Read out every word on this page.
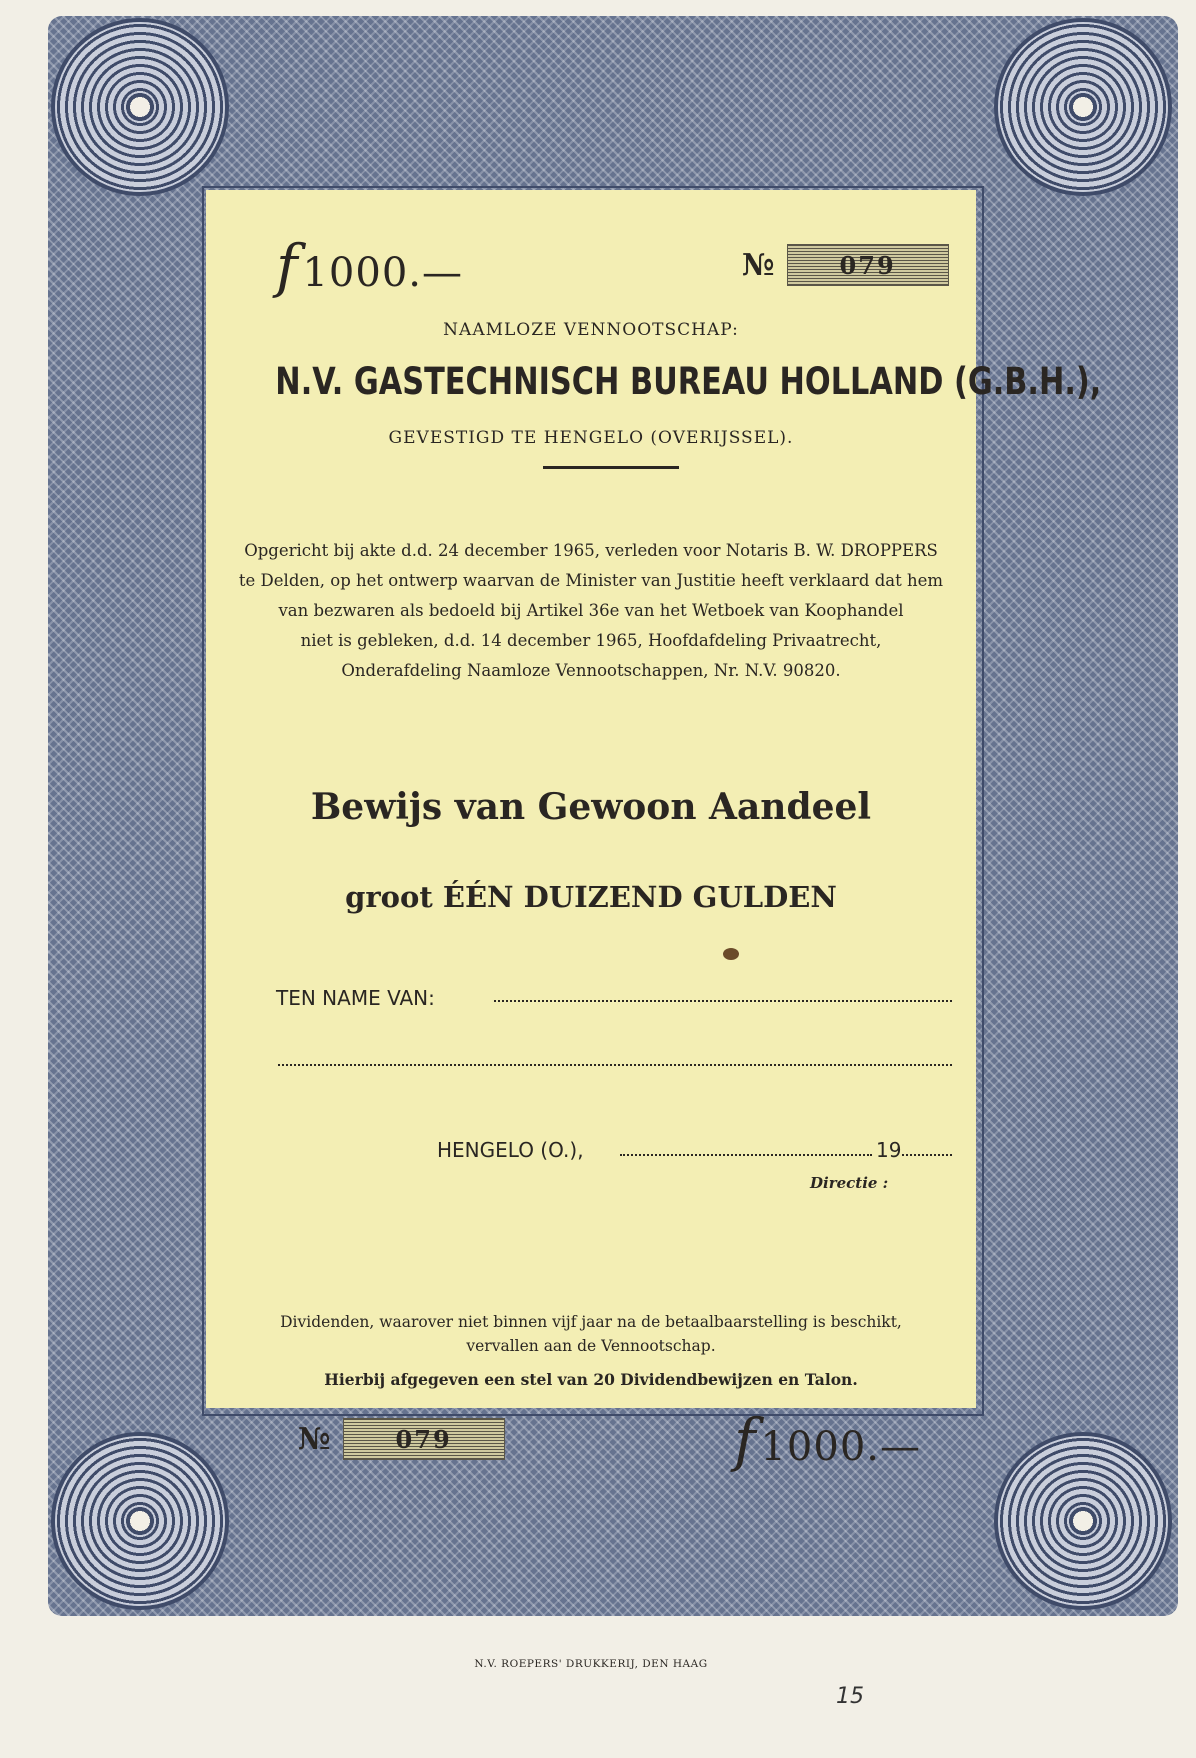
f 1000.—	№	079
NAAMLOZE VENNOOTSCHAP:
N.V. GASTECHNISCH BUREAU HOLLAND (G.B.H.),
GEVESTIGD TE HENGELO (OVERIJSSEL).
Opgericht bij akte d.d. 24 december 1965, verleden voor Notaris B. W. DROPPERS
te Delden, op het ontwerp waarvan de Minister van Justitie heeft verklaard dat hem
van bezwaren als bedoeld bij Artikel 36e van het Wetboek van Koophandel
niet is gebleken, d.d. 14 december 1965, Hoofdafdeling Privaatrecht,
Onderafdeling Naamloze Vennootschappen, Nr. N.V. 90820.
Bewijs van Gewoon Aandeel
groot ÉÉN DUIZEND GULDEN
TEN NAME VAN:
HENGELO (O.),	19
Directie :
Dividenden, waarover niet binnen vijf jaar na de betaalbaarstelling is beschikt,
vervallen aan de Vennootschap.
Hierbij afgegeven een stel van 20 Dividendbewijzen en Talon.
№	079	f 1000.—
N.V. ROEPERS' DRUKKERIJ, DEN HAAG
15
